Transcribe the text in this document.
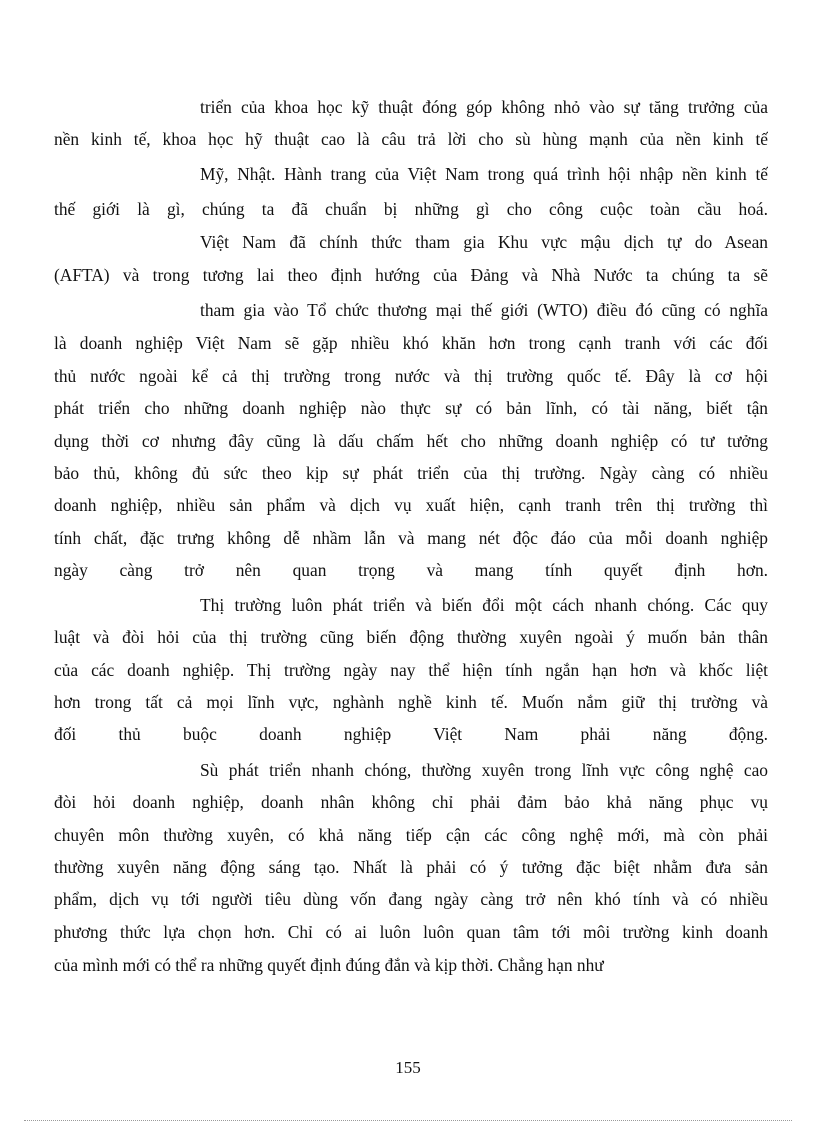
triển của khoa học kỹ thuật đóng góp không nhỏ vào sự tăng trưởng của
nền kinh tế, khoa học hỹ thuật cao là câu trả lời cho sù hùng mạnh của nền kinh tế
Mỹ, Nhật. Hành trang của Việt Nam trong quá trình hội nhập nền kinh tế
thế giới là gì, chúng ta đã chuẩn bị những gì cho công cuộc toàn cầu hoá.
Việt Nam đã chính thức tham gia Khu vực mậu dịch tự do Asean
(AFTA) và trong tương lai theo định hướng của Đảng và Nhà Nước ta chúng ta sẽ
tham gia vào Tổ chức thương mại thế giới (WTO) điều đó cũng có nghĩa
là doanh nghiệp Việt Nam sẽ gặp nhiều khó khăn hơn trong cạnh tranh với các đối
thủ nước ngoài kể cả thị trường trong nước và thị trường quốc tế. Đây là cơ hội
phát triển cho những doanh nghiệp nào thực sự có bản lĩnh, có tài năng, biết tận
dụng thời cơ nhưng đây cũng là dấu chấm hết cho những doanh nghiệp có tư tưởng
bảo thủ, không đủ sức theo kịp sự phát triển của thị trường. Ngày càng có nhiều
doanh nghiệp, nhiều sản phẩm và dịch vụ xuất hiện, cạnh tranh trên thị trường thì
tính chất, đặc trưng không dễ nhầm lẫn và mang nét độc đáo của mỗi doanh nghiệp
ngày càng trở nên quan trọng và mang tính quyết định hơn.
Thị trường luôn phát triển và biến đổi một cách nhanh chóng. Các quy
luật và đòi hỏi của thị trường cũng biến động thường xuyên ngoài ý muốn bản thân
của các doanh nghiệp. Thị trường ngày nay thể hiện tính ngắn hạn hơn và khốc liệt
hơn trong tất cả mọi lĩnh vực, nghành nghề kinh tế. Muốn nắm giữ thị trường và
đối thủ buộc doanh nghiệp Việt Nam phải năng động.
Sù phát triển nhanh chóng, thường xuyên trong lĩnh vực công nghệ cao
đòi hỏi doanh nghiệp, doanh nhân không chỉ phải đảm bảo khả năng phục vụ
chuyên môn thường xuyên, có khả năng tiếp cận các công nghệ mới, mà còn phải
thường xuyên năng động sáng tạo. Nhất là phải có ý tưởng đặc biệt nhằm đưa sản
phẩm, dịch vụ tới người tiêu dùng vốn đang ngày càng trở nên khó tính và có nhiều
phương thức lựa chọn hơn. Chỉ có ai luôn luôn quan tâm tới môi trường kinh doanh
của mình mới có thể ra những quyết định đúng đắn và kịp thời. Chẳng hạn như
155
